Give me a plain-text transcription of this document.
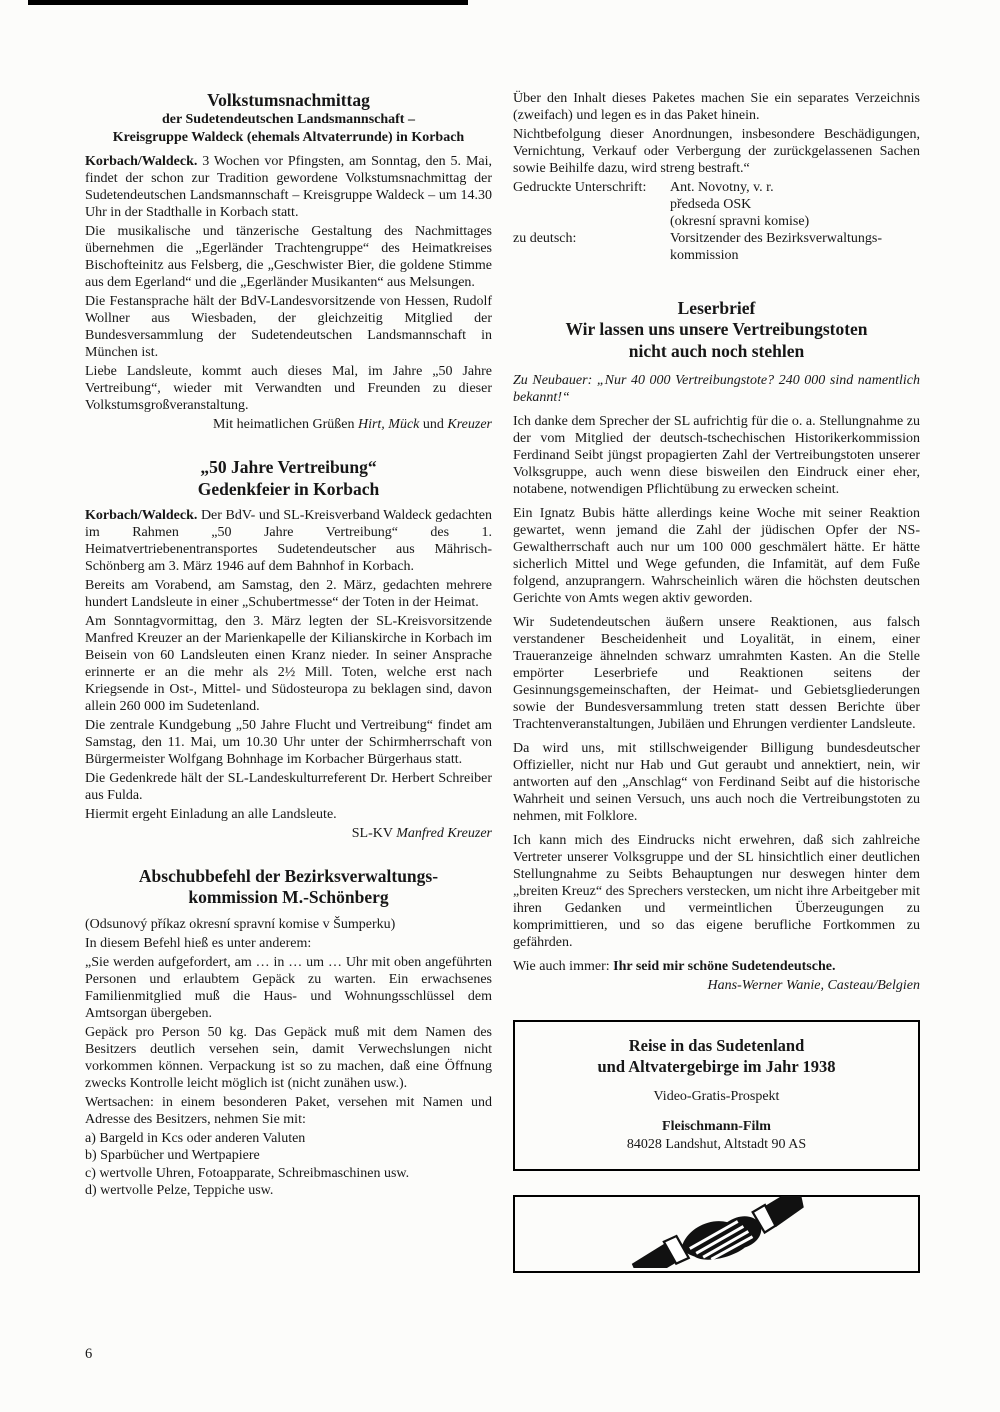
Volkstumsnachmittag
der Sudetendeutschen Landsmannschaft –
Kreisgruppe Waldeck (ehemals Altvaterrunde) in Korbach

Korbach/Waldeck. 3 Wochen vor Pfingsten, am Sonntag, den 5. Mai, findet der schon zur Tradition gewordene Volkstumsnachmittag der Sudetendeutschen Landsmannschaft – Kreisgruppe Waldeck – um 14.30 Uhr in der Stadthalle in Korbach statt.

Die musikalische und tänzerische Gestaltung des Nachmittages übernehmen die „Egerländer Trachtengruppe“ des Heimatkreises Bischofteinitz aus Felsberg, die „Geschwister Bier, die goldene Stimme aus dem Egerland“ und die „Egerländer Musikanten“ aus Melsungen.

Die Festansprache hält der BdV-Landesvorsitzende von Hessen, Rudolf Wollner aus Wiesbaden, der gleichzeitig Mitglied der Bundesversammlung der Sudetendeutschen Landsmannschaft in München ist.

Liebe Landsleute, kommt auch dieses Mal, im Jahre „50 Jahre Vertreibung“, wieder mit Verwandten und Freunden zu dieser Volkstumsgroßveranstaltung.

Mit heimatlichen Grüßen Hirt, Mück und Kreuzer
„50 Jahre Vertreibung“
Gedenkfeier in Korbach

Korbach/Waldeck. Der BdV- und SL-Kreisverband Waldeck gedachten im Rahmen „50 Jahre Vertreibung“ des 1. Heimatvertriebenentransportes Sudetendeutscher aus Mährisch-Schönberg am 3. März 1946 auf dem Bahnhof in Korbach.

Bereits am Vorabend, am Samstag, den 2. März, gedachten mehrere hundert Landsleute in einer „Schubertmesse“ der Toten in der Heimat.

Am Sonntagvormittag, den 3. März legten der SL-Kreisvorsitzende Manfred Kreuzer an der Marienkapelle der Kilianskirche in Korbach im Beisein von 60 Landsleuten einen Kranz nieder. In seiner Ansprache erinnerte er an die mehr als 2½ Mill. Toten, welche erst nach Kriegsende in Ost-, Mittel- und Südosteuropa zu beklagen sind, davon allein 260 000 im Sudetenland.

Die zentrale Kundgebung „50 Jahre Flucht und Vertreibung“ findet am Samstag, den 11. Mai, um 10.30 Uhr unter der Schirmherrschaft von Bürgermeister Wolfgang Bohnhage im Korbacher Bürgerhaus statt.

Die Gedenkrede hält der SL-Landeskulturreferent Dr. Herbert Schreiber aus Fulda.

Hiermit ergeht Einladung an alle Landsleute.

SL-KV Manfred Kreuzer
Abschubbefehl der Bezirksverwaltungs-
kommission M.-Schönberg

(Odsunový příkaz okresní spravní komise v Šumperku)

In diesem Befehl hieß es unter anderem:

„Sie werden aufgefordert, am … in … um … Uhr mit oben angeführten Personen und erlaubtem Gepäck zu warten. Ein erwachsenes Familienmitglied muß die Haus- und Wohnungsschlüssel dem Amtsorgan übergeben.

Gepäck pro Person 50 kg. Das Gepäck muß mit dem Namen des Besitzers deutlich versehen sein, damit Verwechslungen nicht vorkommen können. Verpackung ist so zu machen, daß eine Öffnung zwecks Kontrolle leicht möglich ist (nicht zunähen usw.).

Wertsachen: in einem besonderen Paket, versehen mit Namen und Adresse des Besitzers, nehmen Sie mit:

a) Bargeld in Kcs oder anderen Valuten
b) Sparbücher und Wertpapiere
c) wertvolle Uhren, Fotoapparate, Schreibmaschinen usw.
d) wertvolle Pelze, Teppiche usw.

Über den Inhalt dieses Paketes machen Sie ein separates Verzeichnis (zweifach) und legen es in das Paket hinein.

Nichtbefolgung dieser Anordnungen, insbesondere Beschädigungen, Vernichtung, Verkauf oder Verbergung der zurückgelassenen Sachen sowie Beihilfe dazu, wird streng bestraft.“

Gedruckte Unterschrift:	Ant. Novotny, v. r.
předseda OSK
(okresní spravni komise)
zu deutsch:	Vorsitzender des Bezirksverwaltungs-
kommission
Leserbrief
Wir lassen uns unsere Vertreibungstoten
nicht auch noch stehlen

Zu Neubauer: „Nur 40 000 Vertreibungstote? 240 000 sind namentlich bekannt!“

Ich danke dem Sprecher der SL aufrichtig für die o. a. Stellungnahme zu der vom Mitglied der deutsch-tschechischen Historikerkommission Ferdinand Seibt jüngst propagierten Zahl der Vertreibungstoten unserer Volksgruppe, auch wenn diese bisweilen den Eindruck einer eher, notabene, notwendigen Pflichtübung zu erwecken scheint.

Ein Ignatz Bubis hätte allerdings keine Woche mit seiner Reaktion gewartet, wenn jemand die Zahl der jüdischen Opfer der NS-Gewaltherrschaft auch nur um 100 000 geschmälert hätte. Er hätte sicherlich Mittel und Wege gefunden, die Infamität, auf dem Fuße folgend, anzuprangern. Wahrscheinlich wären die höchsten deutschen Gerichte von Amts wegen aktiv geworden.

Wir Sudetendeutschen äußern unsere Reaktionen, aus falsch verstandener Bescheidenheit und Loyalität, in einem, einer Traueranzeige ähnelnden schwarz umrahmten Kasten. An die Stelle empörter Leserbriefe und Reaktionen seitens der Gesinnungsgemeinschaften, der Heimat- und Gebietsgliederungen sowie der Bundesversammlung treten statt dessen Berichte über Trachtenveranstaltungen, Jubiläen und Ehrungen verdienter Landsleute.

Da wird uns, mit stillschweigender Billigung bundesdeutscher Offizieller, nicht nur Hab und Gut geraubt und annektiert, nein, wir antworten auf den „Anschlag“ von Ferdinand Seibt auf die historische Wahrheit und seinen Versuch, uns auch noch die Vertreibungstoten zu nehmen, mit Folklore.

Ich kann mich des Eindrucks nicht erwehren, daß sich zahlreiche Vertreter unserer Volksgruppe und der SL hinsichtlich einer deutlichen Stellungnahme zu Seibts Behauptungen nur deswegen hinter dem „breiten Kreuz“ des Sprechers verstecken, um nicht ihre Arbeitgeber mit ihren Gedanken und vermeintlichen Überzeugungen zu komprimittieren, und so das eigene berufliche Fortkommen zu gefährden.

Wie auch immer: Ihr seid mir schöne Sudetendeutsche.

Hans-Werner Wanie, Casteau/Belgien
Reise in das Sudetenland
und Altvatergebirge im Jahr 1938
Video-Gratis-Prospekt
Fleischmann-Film
84028 Landshut, Altstadt 90 AS
6
